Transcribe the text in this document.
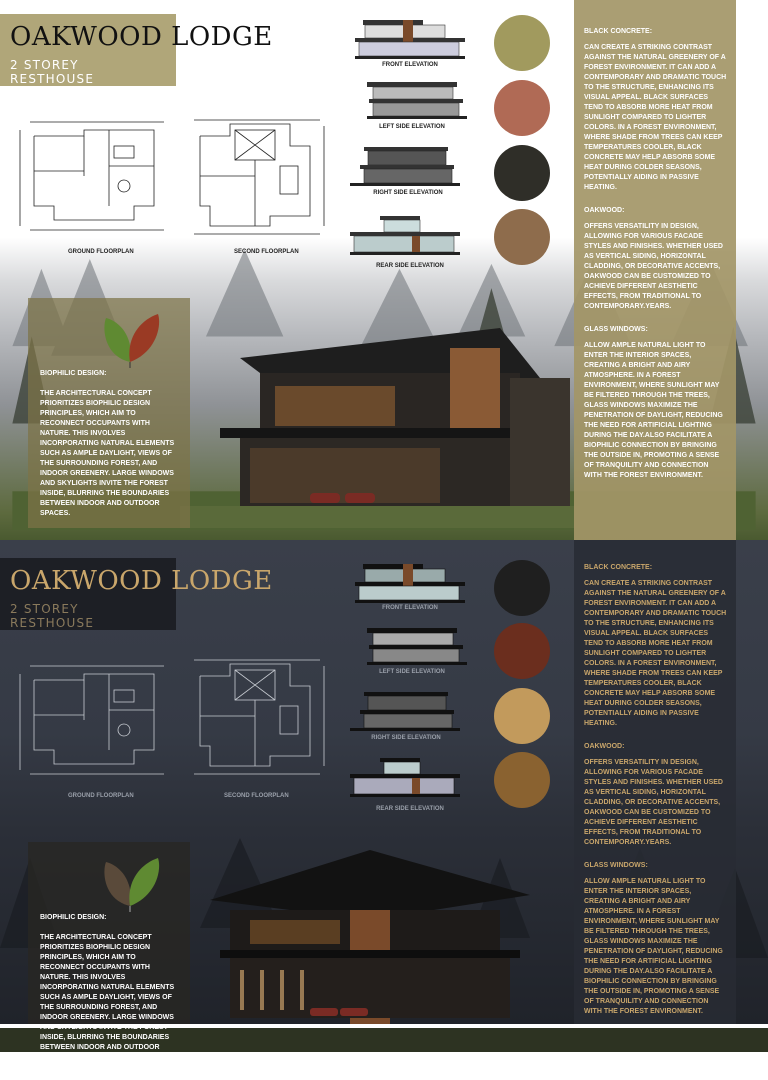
OAKWOOD LODGE
2 STOREY RESTHOUSE
GROUND FLOORPLAN	SECOND FLOORPLAN
FRONT ELEVATION
LEFT SIDE ELEVATION
RIGHT SIDE ELEVATION
REAR SIDE ELEVATION
BLACK CONCRETE:
CAN CREATE A STRIKING CONTRAST AGAINST THE NATURAL GREENERY OF A FOREST ENVIRONMENT. IT CAN ADD A CONTEMPORARY AND DRAMATIC TOUCH TO THE STRUCTURE, ENHANCING ITS VISUAL APPEAL. BLACK SURFACES TEND TO ABSORB MORE HEAT FROM SUNLIGHT COMPARED TO LIGHTER COLORS. IN A FOREST ENVIRONMENT, WHERE SHADE FROM TREES CAN KEEP TEMPERATURES COOLER, BLACK CONCRETE MAY HELP ABSORB SOME HEAT DURING COLDER SEASONS, POTENTIALLY AIDING IN PASSIVE HEATING.
OAKWOOD:
OFFERS VERSATILITY IN DESIGN, ALLOWING FOR VARIOUS FACADE STYLES AND FINISHES. WHETHER USED AS VERTICAL SIDING, HORIZONTAL CLADDING, OR DECORATIVE ACCENTS, OAKWOOD CAN BE CUSTOMIZED TO ACHIEVE DIFFERENT AESTHETIC EFFECTS, FROM TRADITIONAL TO CONTEMPORARY.YEARS.
GLASS WINDOWS:
ALLOW AMPLE NATURAL LIGHT TO ENTER THE INTERIOR SPACES, CREATING A BRIGHT AND AIRY ATMOSPHERE. IN A FOREST ENVIRONMENT, WHERE SUNLIGHT MAY BE FILTERED THROUGH THE TREES, GLASS WINDOWS MAXIMIZE THE PENETRATION OF DAYLIGHT, REDUCING THE NEED FOR ARTIFICIAL LIGHTING DURING THE DAY.ALSO FACILITATE A BIOPHILIC CONNECTION BY BRINGING THE OUTSIDE IN, PROMOTING A SENSE OF TRANQUILITY AND CONNECTION WITH THE FOREST ENVIRONMENT.
BIOPHILIC DESIGN:
THE ARCHITECTURAL CONCEPT PRIORITIZES BIOPHILIC DESIGN PRINCIPLES, WHICH AIM TO RECONNECT OCCUPANTS WITH NATURE. THIS INVOLVES INCORPORATING NATURAL ELEMENTS SUCH AS AMPLE DAYLIGHT, VIEWS OF THE SURROUNDING FOREST, AND INDOOR GREENERY. LARGE WINDOWS AND SKYLIGHTS INVITE THE FOREST INSIDE, BLURRING THE BOUNDARIES BETWEEN INDOOR AND OUTDOOR SPACES.
OAKWOOD LODGE
2 STOREY RESTHOUSE
GROUND FLOORPLAN	SECOND FLOORPLAN
FRONT ELEVATION
LEFT SIDE ELEVATION
RIGHT SIDE ELEVATION
REAR SIDE ELEVATION
BLACK CONCRETE:
CAN CREATE A STRIKING CONTRAST AGAINST THE NATURAL GREENERY OF A FOREST ENVIRONMENT. IT CAN ADD A CONTEMPORARY AND DRAMATIC TOUCH TO THE STRUCTURE, ENHANCING ITS VISUAL APPEAL. BLACK SURFACES TEND TO ABSORB MORE HEAT FROM SUNLIGHT COMPARED TO LIGHTER COLORS. IN A FOREST ENVIRONMENT, WHERE SHADE FROM TREES CAN KEEP TEMPERATURES COOLER, BLACK CONCRETE MAY HELP ABSORB SOME HEAT DURING COLDER SEASONS, POTENTIALLY AIDING IN PASSIVE HEATING.
OAKWOOD:
OFFERS VERSATILITY IN DESIGN, ALLOWING FOR VARIOUS FACADE STYLES AND FINISHES. WHETHER USED AS VERTICAL SIDING, HORIZONTAL CLADDING, OR DECORATIVE ACCENTS, OAKWOOD CAN BE CUSTOMIZED TO ACHIEVE DIFFERENT AESTHETIC EFFECTS, FROM TRADITIONAL TO CONTEMPORARY.YEARS.
GLASS WINDOWS:
ALLOW AMPLE NATURAL LIGHT TO ENTER THE INTERIOR SPACES, CREATING A BRIGHT AND AIRY ATMOSPHERE. IN A FOREST ENVIRONMENT, WHERE SUNLIGHT MAY BE FILTERED THROUGH THE TREES, GLASS WINDOWS MAXIMIZE THE PENETRATION OF DAYLIGHT, REDUCING THE NEED FOR ARTIFICIAL LIGHTING DURING THE DAY.ALSO FACILITATE A BIOPHILIC CONNECTION BY BRINGING THE OUTSIDE IN, PROMOTING A SENSE OF TRANQUILITY AND CONNECTION WITH THE FOREST ENVIRONMENT.
BIOPHILIC DESIGN:
THE ARCHITECTURAL CONCEPT PRIORITIZES BIOPHILIC DESIGN PRINCIPLES, WHICH AIM TO RECONNECT OCCUPANTS WITH NATURE. THIS INVOLVES INCORPORATING NATURAL ELEMENTS SUCH AS AMPLE DAYLIGHT, VIEWS OF THE SURROUNDING FOREST, AND INDOOR GREENERY. LARGE WINDOWS AND SKYLIGHTS INVITE THE FOREST INSIDE, BLURRING THE BOUNDARIES BETWEEN INDOOR AND OUTDOOR SPACES.
